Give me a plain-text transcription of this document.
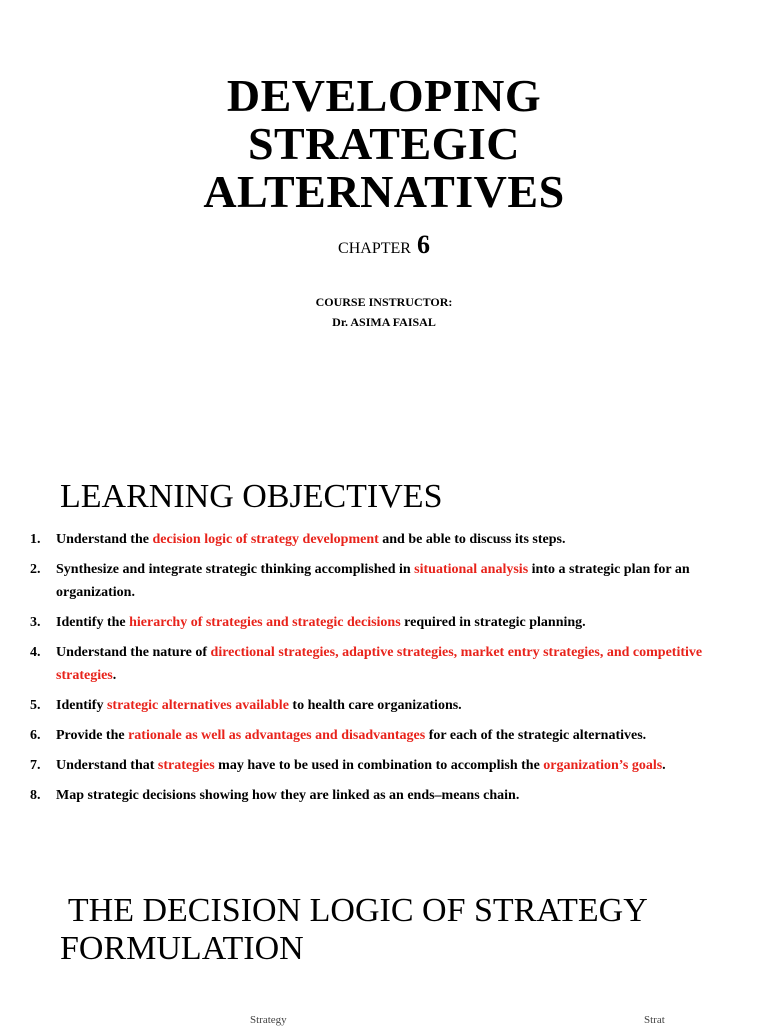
DEVELOPING
STRATEGIC
ALTERNATIVES
CHAPTER 6
COURSE INSTRUCTOR:
Dr. ASIMA FAISAL
LEARNING OBJECTIVES
1. Understand the decision logic of strategy development and be able to discuss its steps.
2. Synthesize and integrate strategic thinking accomplished in situational analysis into a strategic plan for an organization.
3. Identify the hierarchy of strategies and strategic decisions required in strategic planning.
4. Understand the nature of directional strategies, adaptive strategies, market entry strategies, and competitive strategies.
5. Identify strategic alternatives available to health care organizations.
6. Provide the rationale as well as advantages and disadvantages for each of the strategic alternatives.
7. Understand that strategies may have to be used in combination to accomplish the organization’s goals.
8. Map strategic decisions showing how they are linked as an ends–means chain.
THE DECISION LOGIC OF STRATEGY
FORMULATION
Strategy	Strat
